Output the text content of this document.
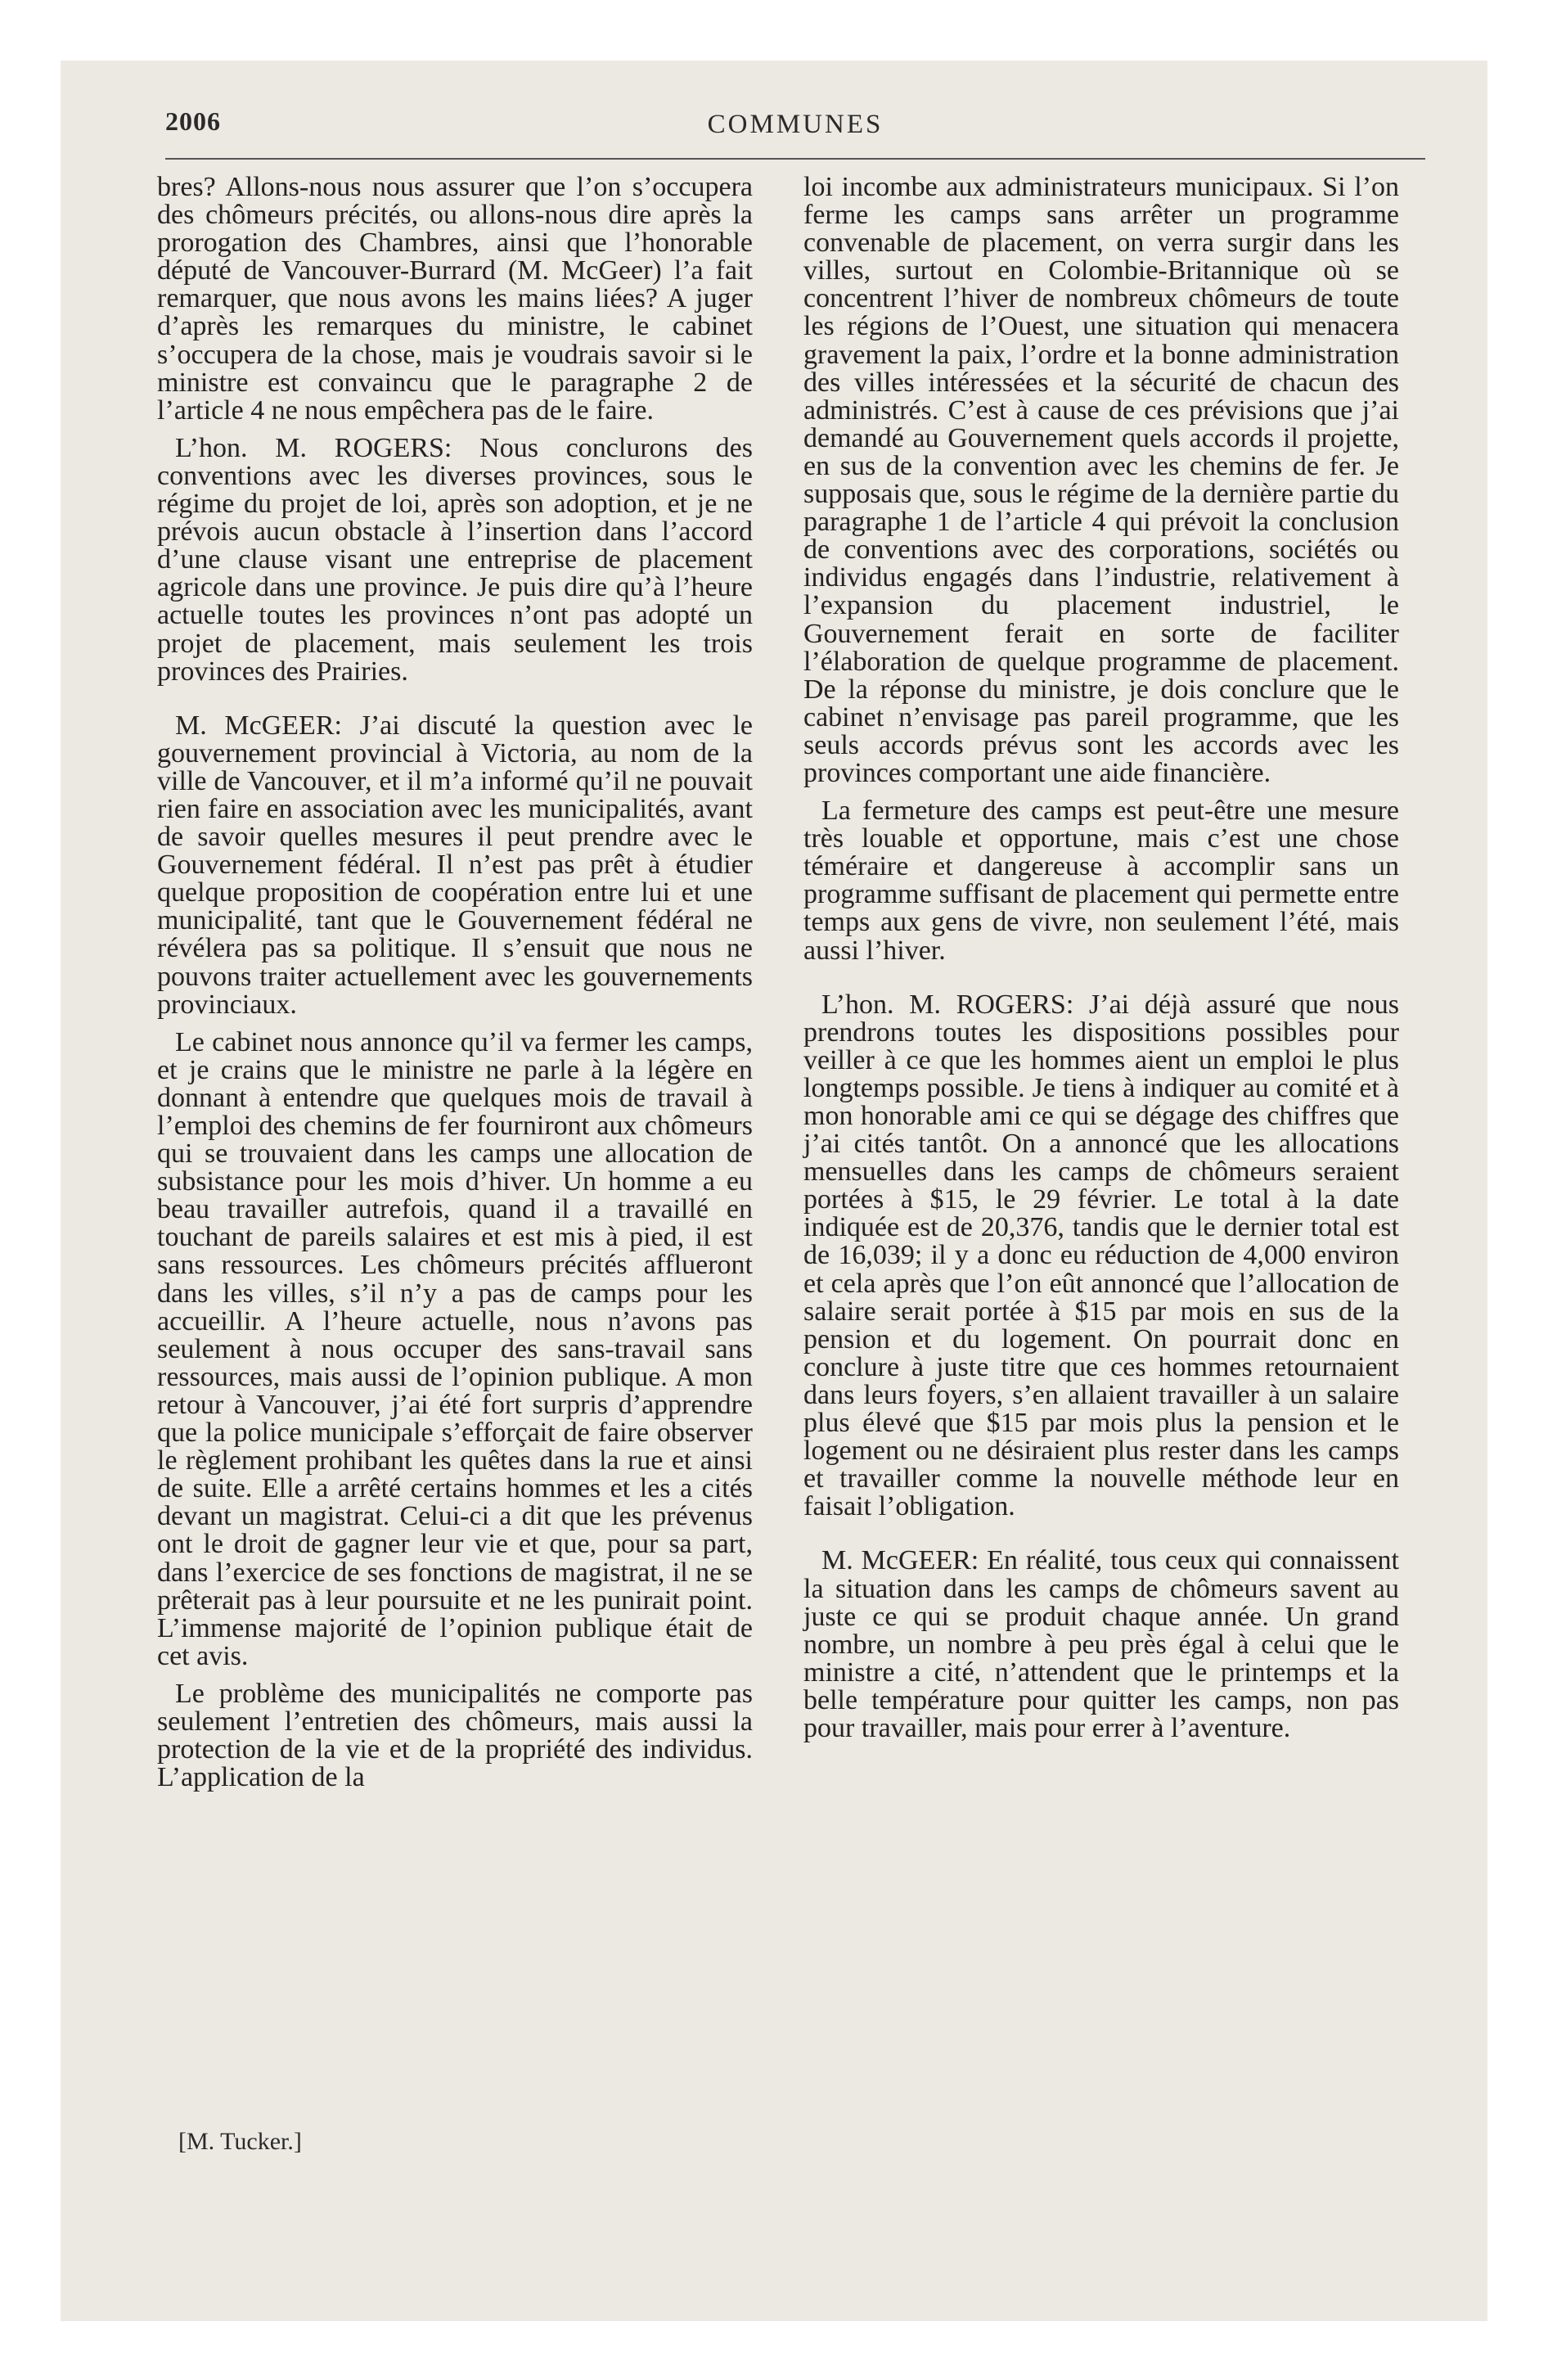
2006	COMMUNES

bres? Allons-nous nous assurer que l’on s’occupera des chômeurs précités, ou allons-nous dire après la prorogation des Chambres, ainsi que l’honorable député de Vancouver-Burrard (M. McGeer) l’a fait remarquer, que nous avons les mains liées? A juger d’après les remarques du ministre, le cabinet s’occupera de la chose, mais je voudrais savoir si le ministre est convaincu que le paragraphe 2 de l’article 4 ne nous empêchera pas de le faire.

L’hon. M. ROGERS: Nous conclurons des conventions avec les diverses provinces, sous le régime du projet de loi, après son adoption, et je ne prévois aucun obstacle à l’insertion dans l’accord d’une clause visant une entreprise de placement agricole dans une province. Je puis dire qu’à l’heure actuelle toutes les provinces n’ont pas adopté un projet de placement, mais seulement les trois provinces des Prairies.

M. McGEER: J’ai discuté la question avec le gouvernement provincial à Victoria, au nom de la ville de Vancouver, et il m’a informé qu’il ne pouvait rien faire en association avec les municipalités, avant de savoir quelles mesures il peut prendre avec le Gouvernement fédéral. Il n’est pas prêt à étudier quelque proposition de coopération entre lui et une municipalité, tant que le Gouvernement fédéral ne révélera pas sa politique. Il s’ensuit que nous ne pouvons traiter actuellement avec les gouvernements provinciaux.

Le cabinet nous annonce qu’il va fermer les camps, et je crains que le ministre ne parle à la légère en donnant à entendre que quelques mois de travail à l’emploi des chemins de fer fourniront aux chômeurs qui se trouvaient dans les camps une allocation de subsistance pour les mois d’hiver. Un homme a eu beau travailler autrefois, quand il a travaillé en touchant de pareils salaires et est mis à pied, il est sans ressources. Les chômeurs précités afflueront dans les villes, s’il n’y a pas de camps pour les accueillir. A l’heure actuelle, nous n’avons pas seulement à nous occuper des sans-travail sans ressources, mais aussi de l’opinion publique. A mon retour à Vancouver, j’ai été fort surpris d’apprendre que la police municipale s’efforçait de faire observer le règlement prohibant les quêtes dans la rue et ainsi de suite. Elle a arrêté certains hommes et les a cités devant un magistrat. Celui-ci a dit que les prévenus ont le droit de gagner leur vie et que, pour sa part, dans l’exercice de ses fonctions de magistrat, il ne se prêterait pas à leur poursuite et ne les punirait point. L’immense majorité de l’opinion publique était de cet avis.

Le problème des municipalités ne comporte pas seulement l’entretien des chômeurs, mais aussi la protection de la vie et de la propriété des individus. L’application de la

[M. Tucker.]

loi incombe aux administrateurs municipaux. Si l’on ferme les camps sans arrêter un programme convenable de placement, on verra surgir dans les villes, surtout en Colombie-Britannique où se concentrent l’hiver de nombreux chômeurs de toute les régions de l’Ouest, une situation qui menacera gravement la paix, l’ordre et la bonne administration des villes intéressées et la sécurité de chacun des administrés. C’est à cause de ces prévisions que j’ai demandé au Gouvernement quels accords il projette, en sus de la convention avec les chemins de fer. Je supposais que, sous le régime de la dernière partie du paragraphe 1 de l’article 4 qui prévoit la conclusion de conventions avec des corporations, sociétés ou individus engagés dans l’industrie, relativement à l’expansion du placement industriel, le Gouvernement ferait en sorte de faciliter l’élaboration de quelque programme de placement. De la réponse du ministre, je dois conclure que le cabinet n’envisage pas pareil programme, que les seuls accords prévus sont les accords avec les provinces comportant une aide financière.

La fermeture des camps est peut-être une mesure très louable et opportune, mais c’est une chose téméraire et dangereuse à accomplir sans un programme suffisant de placement qui permette entre temps aux gens de vivre, non seulement l’été, mais aussi l’hiver.

L’hon. M. ROGERS: J’ai déjà assuré que nous prendrons toutes les dispositions possibles pour veiller à ce que les hommes aient un emploi le plus longtemps possible. Je tiens à indiquer au comité et à mon honorable ami ce qui se dégage des chiffres que j’ai cités tantôt. On a annoncé que les allocations mensuelles dans les camps de chômeurs seraient portées à $15, le 29 février. Le total à la date indiquée est de 20,376, tandis que le dernier total est de 16,039; il y a donc eu réduction de 4,000 environ et cela après que l’on eût annoncé que l’allocation de salaire serait portée à $15 par mois en sus de la pension et du logement. On pourrait donc en conclure à juste titre que ces hommes retournaient dans leurs foyers, s’en allaient travailler à un salaire plus élevé que $15 par mois plus la pension et le logement ou ne désiraient plus rester dans les camps et travailler comme la nouvelle méthode leur en faisait l’obligation.

M. McGEER: En réalité, tous ceux qui connaissent la situation dans les camps de chômeurs savent au juste ce qui se produit chaque année. Un grand nombre, un nombre à peu près égal à celui que le ministre a cité, n’attendent que le printemps et la belle température pour quitter les camps, non pas pour travailler, mais pour errer à l’aventure.
